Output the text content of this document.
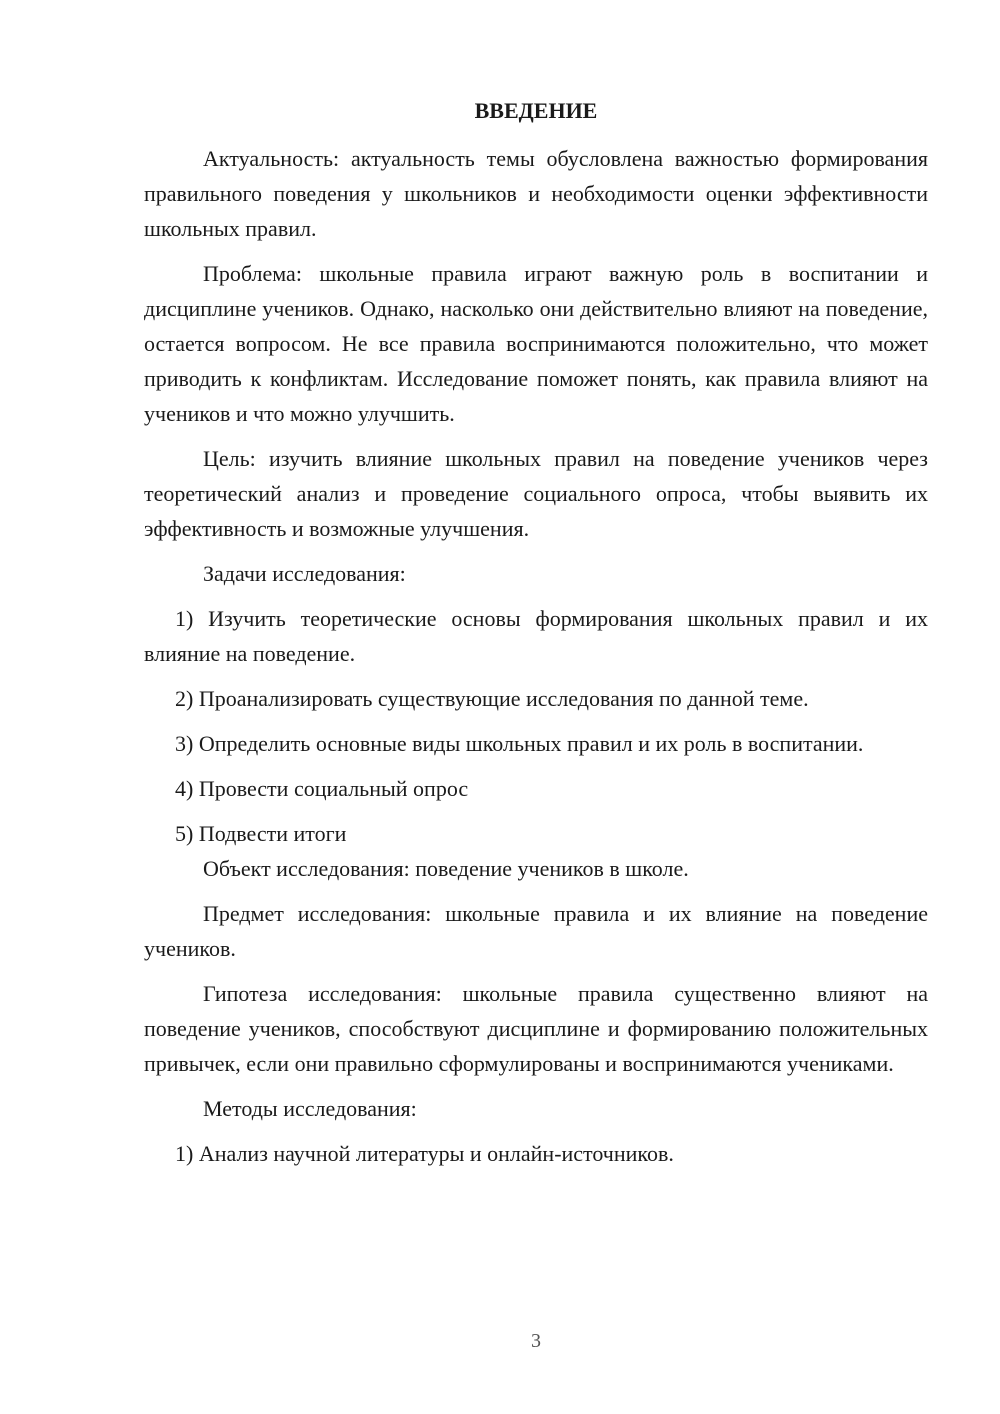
ВВЕДЕНИЕ

Актуальность: актуальность темы обусловлена важностью формирования правильного поведения у школьников и необходимости оценки эффективности школьных правил.

Проблема: школьные правила играют важную роль в воспитании и дисциплине учеников. Однако, насколько они действительно влияют на поведение, остается вопросом. Не все правила воспринимаются положительно, что может приводить к конфликтам. Исследование поможет понять, как правила влияют на учеников и что можно улучшить.

Цель: изучить влияние школьных правил на поведение учеников через теоретический анализ и проведение социального опроса, чтобы выявить их эффективность и возможные улучшения.

Задачи исследования:

1) Изучить теоретические основы формирования школьных правил и их влияние на поведение.

2) Проанализировать существующие исследования по данной теме.

3) Определить основные виды школьных правил и их роль в воспитании.

4) Провести социальный опрос

5) Подвести итоги

Объект исследования: поведение учеников в школе.

Предмет исследования: школьные правила и их влияние на поведение учеников.

Гипотеза исследования: школьные правила существенно влияют на поведение учеников, способствуют дисциплине и формированию положительных привычек, если они правильно сформулированы и воспринимаются учениками.

Методы исследования:

1) Анализ научной литературы и онлайн-источников.

3
